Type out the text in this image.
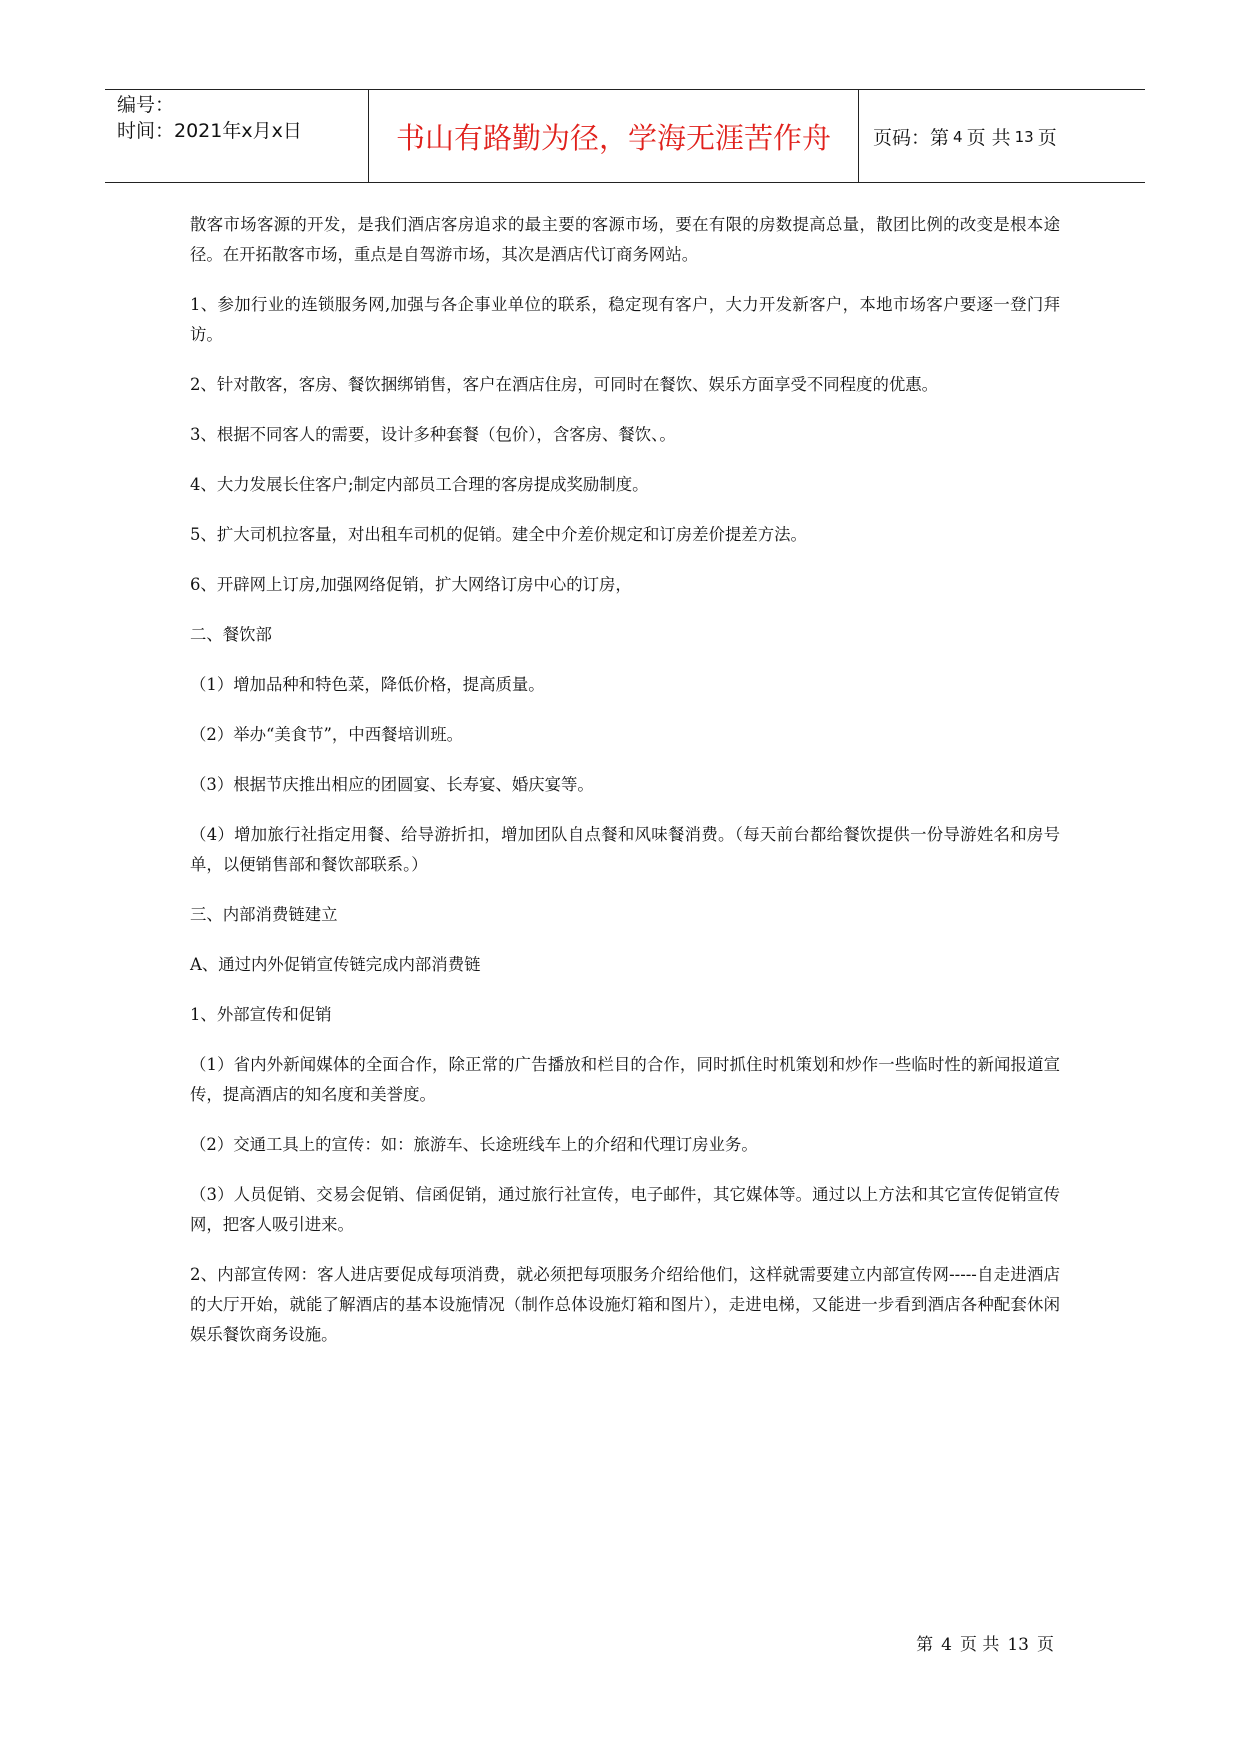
编号：
时间：2021年x月x日	书山有路勤为径，学海无涯苦作舟	页码：第 4 页 共 13 页

散客市场客源的开发，是我们酒店客房追求的最主要的客源市场，要在有限的房数提高总量，散团比例的改变是根本途径。在开拓散客市场，重点是自驾游市场，其次是酒店代订商务网站。

1、参加行业的连锁服务网,加强与各企事业单位的联系，稳定现有客户，大力开发新客户，本地市场客户要逐一登门拜访。

2、针对散客，客房、餐饮捆绑销售，客户在酒店住房，可同时在餐饮、娱乐方面享受不同程度的优惠。

3、根据不同客人的需要，设计多种套餐（包价），含客房、餐饮、。

4、大力发展长住客户;制定内部员工合理的客房提成奖励制度。

5、扩大司机拉客量，对出租车司机的促销。建全中介差价规定和订房差价提差方法。

6、开辟网上订房,加强网络促销，扩大网络订房中心的订房，

二、餐饮部

（1）增加品种和特色菜，降低价格，提高质量。

（2）举办“美食节”，中西餐培训班。

（3）根据节庆推出相应的团圆宴、长寿宴、婚庆宴等。

（4）增加旅行社指定用餐、给导游折扣，增加团队自点餐和风味餐消费。（每天前台都给餐饮提供一份导游姓名和房号单，以便销售部和餐饮部联系。）

三、内部消费链建立

A、通过内外促销宣传链完成内部消费链

1、外部宣传和促销

（1）省内外新闻媒体的全面合作，除正常的广告播放和栏目的合作，同时抓住时机策划和炒作一些临时性的新闻报道宣传，提高酒店的知名度和美誉度。

（2）交通工具上的宣传：如：旅游车、长途班线车上的介绍和代理订房业务。

（3）人员促销、交易会促销、信函促销，通过旅行社宣传，电子邮件，其它媒体等。通过以上方法和其它宣传促销宣传网，把客人吸引进来。

2、内部宣传网：客人进店要促成每项消费，就必须把每项服务介绍给他们，这样就需要建立内部宣传网-----自走进酒店的大厅开始，就能了解酒店的基本设施情况（制作总体设施灯箱和图片），走进电梯，又能进一步看到酒店各种配套休闲娱乐餐饮商务设施。

第 4 页 共 13 页
